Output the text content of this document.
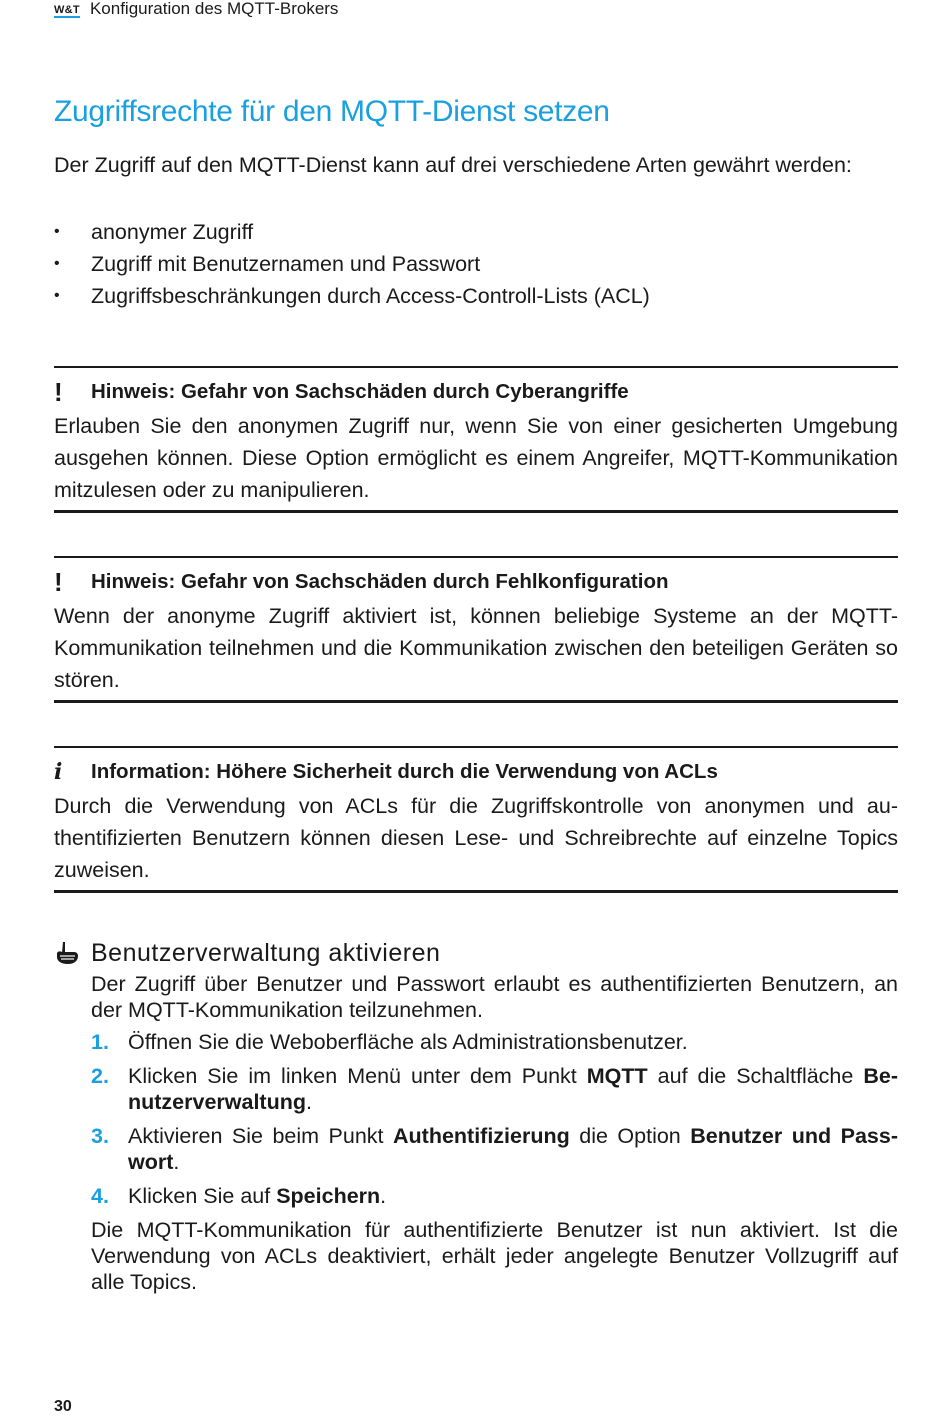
W&T Konfiguration des MQTT-Brokers
Zugriffsrechte für den MQTT-Dienst setzen

Der Zugriff auf den MQTT-Dienst kann auf drei verschiedene Arten gewährt werden:

•	anonymer Zugriff
•	Zugriff mit Benutzernamen und Passwort
•	Zugriffsbeschränkungen durch Access-Controll-Lists (ACL)
!	Hinweis: Gefahr von Sachschäden durch Cyberangriffe
Erlauben Sie den anonymen Zugriff nur, wenn Sie von einer gesicherten Umgebung ausgehen können. Diese Option ermöglicht es einem Angreifer, MQTT-Kommunikation mitzulesen oder zu manipulieren.
!	Hinweis: Gefahr von Sachschäden durch Fehlkonfiguration
Wenn der anonyme Zugriff aktiviert ist, können beliebige Systeme an der MQTT-Kommunikation teilnehmen und die Kommunikation zwischen den beteiligen Geräten so stören.
i	Information: Höhere Sicherheit durch die Verwendung von ACLs
Durch die Verwendung von ACLs für die Zugriffskontrolle von anonymen und authentifizierten Benutzern können diesen Lese- und Schreibrechte auf einzelne Topics zuweisen.
Benutzerverwaltung aktivieren

Der Zugriff über Benutzer und Passwort erlaubt es authentifizierten Benutzern, an der MQTT-Kommunikation teilzunehmen.

1. Öffnen Sie die Weboberfläche als Administrationsbenutzer.
2. Klicken Sie im linken Menü unter dem Punkt MQTT auf die Schaltfläche Benutzerverwaltung.
3. Aktivieren Sie beim Punkt Authentifizierung die Option Benutzer und Passwort.
4. Klicken Sie auf Speichern.

Die MQTT-Kommunikation für authentifizierte Benutzer ist nun aktiviert. Ist die Verwendung von ACLs deaktiviert, erhält jeder angelegte Benutzer Vollzugriff auf alle Topics.

30
